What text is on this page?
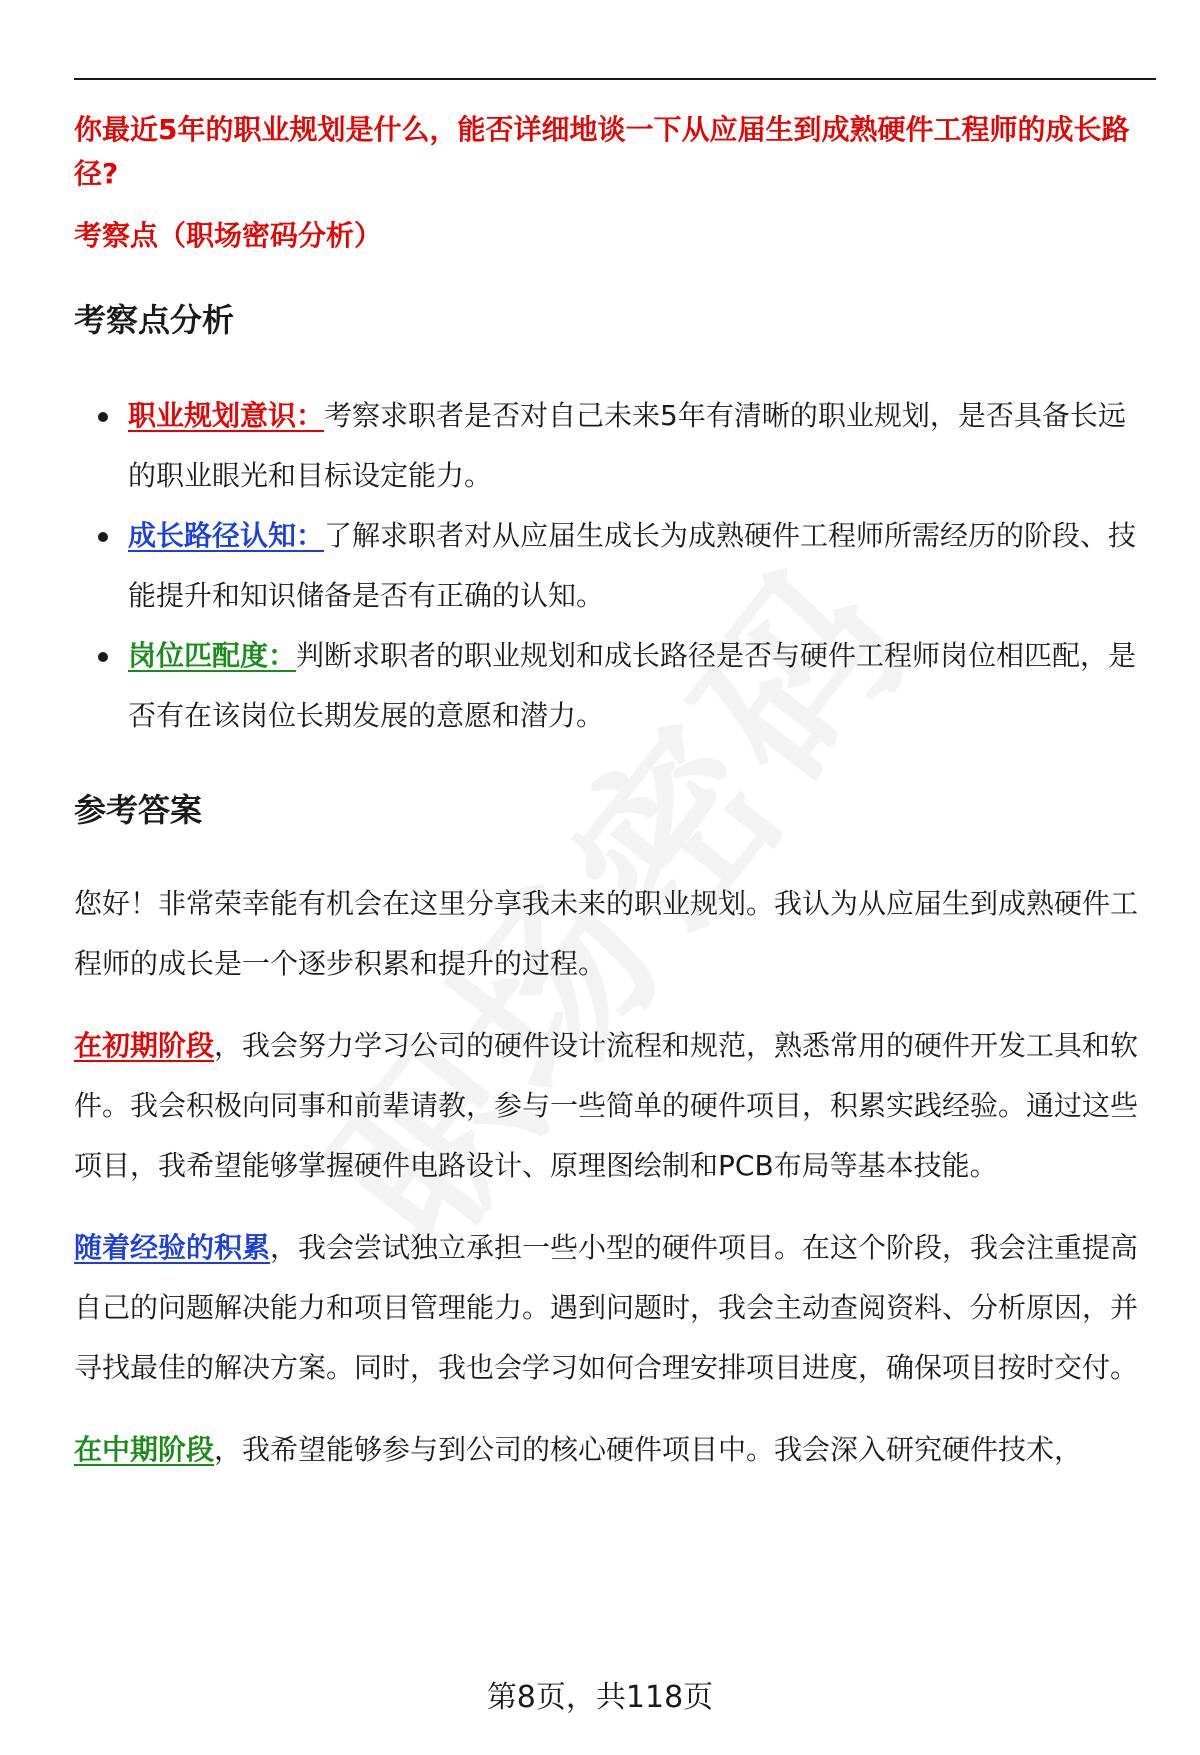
你最近5年的职业规划是什么，能否详细地谈一下从应届生到成熟硬件工程师的成长路径?

考察点（职场密码分析）

考察点分析
职业规划意识：考察求职者是否对自己未来5年有清晰的职业规划，是否具备长远的职业眼光和目标设定能力。
成长路径认知：了解求职者对从应届生成长为成熟硬件工程师所需经历的阶段、技能提升和知识储备是否有正确的认知。
岗位匹配度：判断求职者的职业规划和成长路径是否与硬件工程师岗位相匹配，是否有在该岗位长期发展的意愿和潜力。
参考答案

您好！非常荣幸能有机会在这里分享我未来的职业规划。我认为从应届生到成熟硬件工程师的成长是一个逐步积累和提升的过程。

在初期阶段，我会努力学习公司的硬件设计流程和规范，熟悉常用的硬件开发工具和软件。我会积极向同事和前辈请教，参与一些简单的硬件项目，积累实践经验。通过这些项目，我希望能够掌握硬件电路设计、原理图绘制和PCB布局等基本技能。

随着经验的积累，我会尝试独立承担一些小型的硬件项目。在这个阶段，我会注重提高自己的问题解决能力和项目管理能力。遇到问题时，我会主动查阅资料、分析原因，并寻找最佳的解决方案。同时，我也会学习如何合理安排项目进度，确保项目按时交付。

在中期阶段，我希望能够参与到公司的核心硬件项目中。我会深入研究硬件技术，

第8页，共118页
